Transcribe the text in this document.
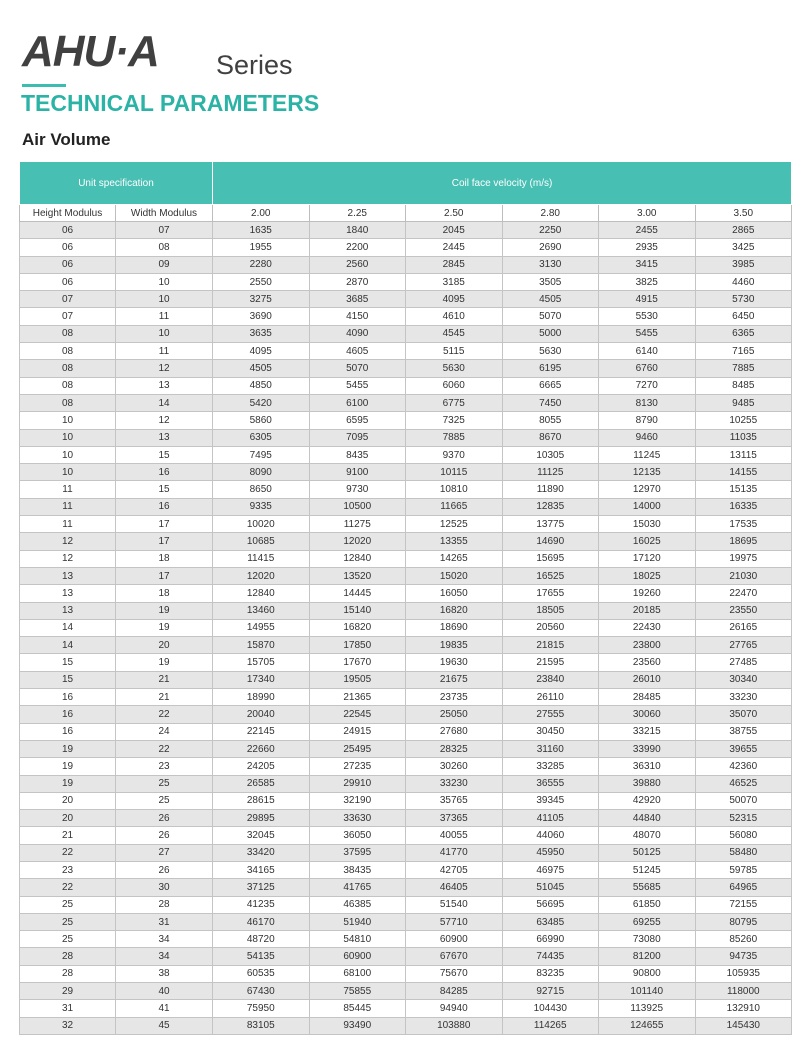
AHU·A Series
TECHNICAL PARAMETERS
Air Volume
Unit specification		Coil face velocity (m/s)					
Height Modulus	Width Modulus	2.00	2.25	2.50	2.80	3.00	3.50
06	07	1635	1840	2045	2250	2455	2865
06	08	1955	2200	2445	2690	2935	3425
06	09	2280	2560	2845	3130	3415	3985
06	10	2550	2870	3185	3505	3825	4460
07	10	3275	3685	4095	4505	4915	5730
07	11	3690	4150	4610	5070	5530	6450
08	10	3635	4090	4545	5000	5455	6365
08	11	4095	4605	5115	5630	6140	7165
08	12	4505	5070	5630	6195	6760	7885
08	13	4850	5455	6060	6665	7270	8485
08	14	5420	6100	6775	7450	8130	9485
10	12	5860	6595	7325	8055	8790	10255
10	13	6305	7095	7885	8670	9460	11035
10	15	7495	8435	9370	10305	11245	13115
10	16	8090	9100	10115	11125	12135	14155
11	15	8650	9730	10810	11890	12970	15135
11	16	9335	10500	11665	12835	14000	16335
11	17	10020	11275	12525	13775	15030	17535
12	17	10685	12020	13355	14690	16025	18695
12	18	11415	12840	14265	15695	17120	19975
13	17	12020	13520	15020	16525	18025	21030
13	18	12840	14445	16050	17655	19260	22470
13	19	13460	15140	16820	18505	20185	23550
14	19	14955	16820	18690	20560	22430	26165
14	20	15870	17850	19835	21815	23800	27765
15	19	15705	17670	19630	21595	23560	27485
15	21	17340	19505	21675	23840	26010	30340
16	21	18990	21365	23735	26110	28485	33230
16	22	20040	22545	25050	27555	30060	35070
16	24	22145	24915	27680	30450	33215	38755
19	22	22660	25495	28325	31160	33990	39655
19	23	24205	27235	30260	33285	36310	42360
19	25	26585	29910	33230	36555	39880	46525
20	25	28615	32190	35765	39345	42920	50070
20	26	29895	33630	37365	41105	44840	52315
21	26	32045	36050	40055	44060	48070	56080
22	27	33420	37595	41770	45950	50125	58480
23	26	34165	38435	42705	46975	51245	59785
22	30	37125	41765	46405	51045	55685	64965
25	28	41235	46385	51540	56695	61850	72155
25	31	46170	51940	57710	63485	69255	80795
25	34	48720	54810	60900	66990	73080	85260
28	34	54135	60900	67670	74435	81200	94735
28	38	60535	68100	75670	83235	90800	105935
29	40	67430	75855	84285	92715	101140	118000
31	41	75950	85445	94940	104430	113925	132910
32	45	83105	93490	103880	114265	124655	145430
